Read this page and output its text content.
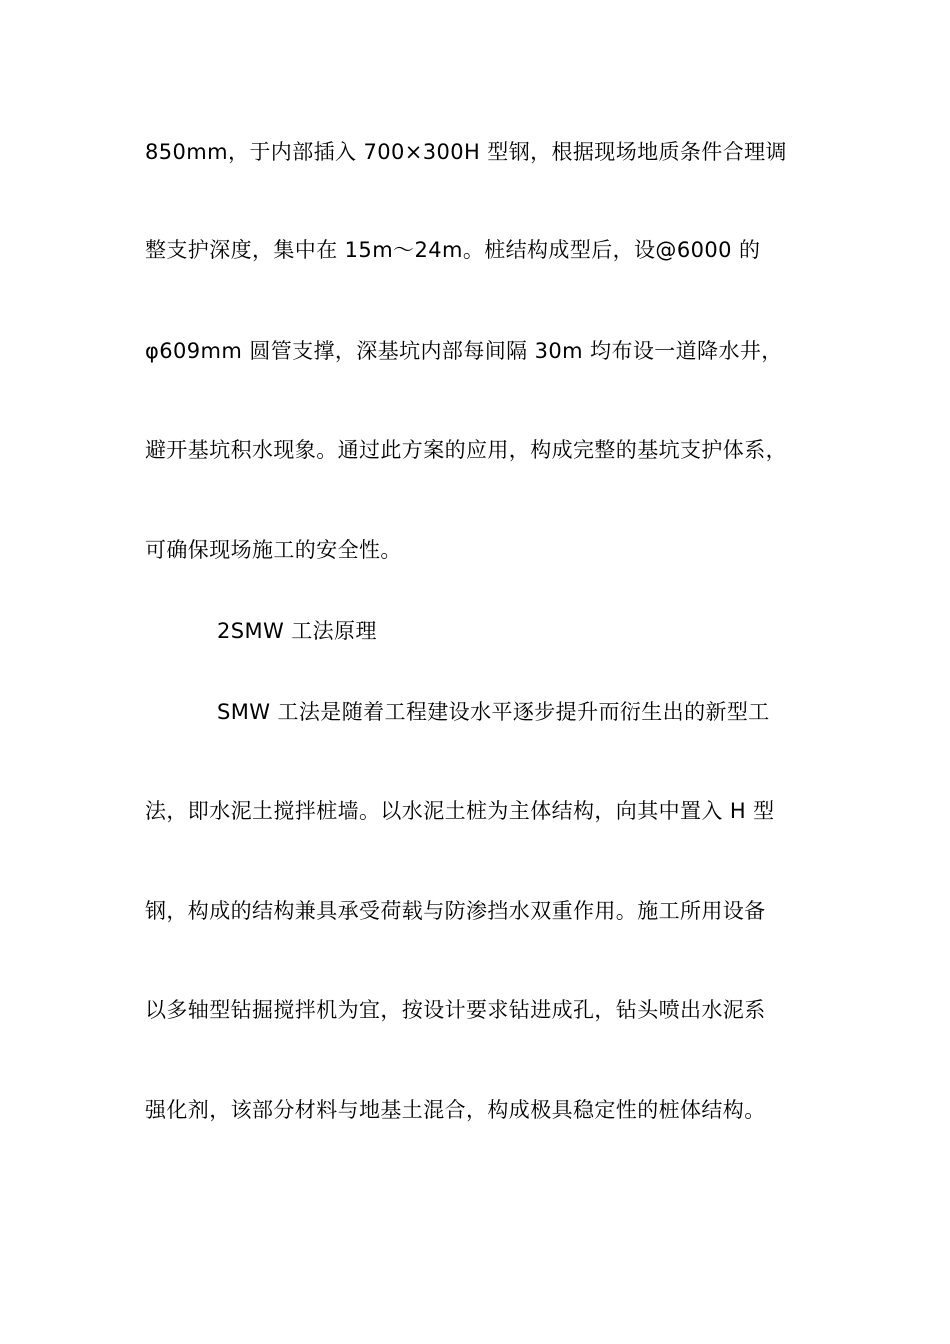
850mm，于内部插入 700×300H 型钢，根据现场地质条件合理调
整支护深度，集中在 15m～24m。桩结构成型后，设@6000 的
φ609mm 圆管支撑，深基坑内部每间隔 30m 均布设一道降水井，
避开基坑积水现象。通过此方案的应用，构成完整的基坑支护体系，
可确保现场施工的安全性。
2SMW 工法原理
SMW 工法是随着工程建设水平逐步提升而衍生出的新型工
法，即水泥土搅拌桩墙。以水泥土桩为主体结构，向其中置入 H 型
钢，构成的结构兼具承受荷载与防渗挡水双重作用。施工所用设备
以多轴型钻掘搅拌机为宜，按设计要求钻进成孔，钻头喷出水泥系
强化剂，该部分材料与地基土混合，构成极具稳定性的桩体结构。
